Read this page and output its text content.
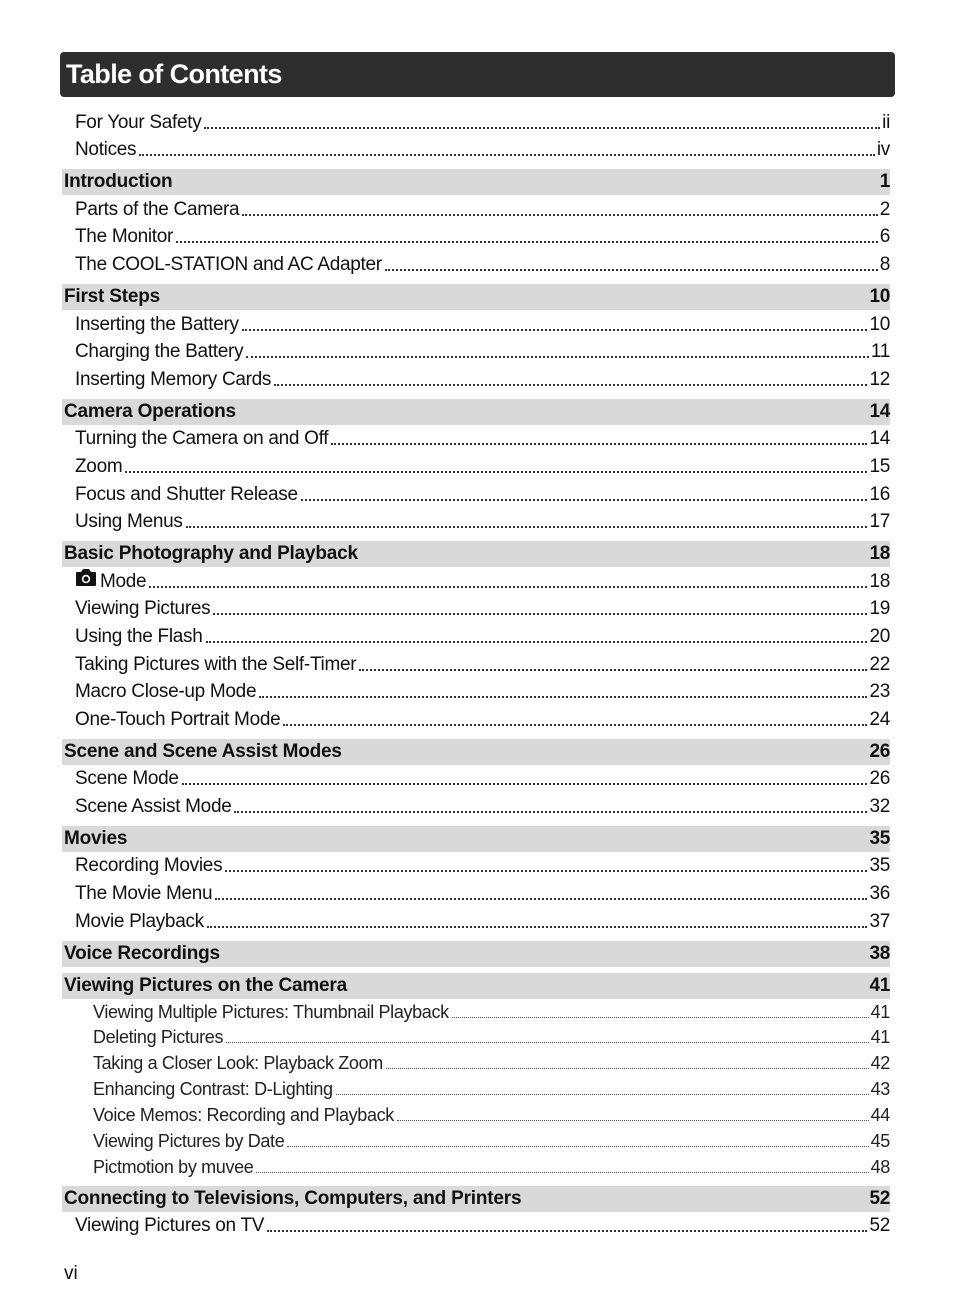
Table of Contents
For Your Safety	ii
Notices	iv
Introduction	1
Parts of the Camera	2
The Monitor	6
The COOL-STATION and AC Adapter	8
First Steps	10
Inserting the Battery	10
Charging the Battery	11
Inserting Memory Cards	12
Camera Operations	14
Turning the Camera on and Off	14
Zoom	15
Focus and Shutter Release	16
Using Menus	17
Basic Photography and Playback	18
Mode	18
Viewing Pictures	19
Using the Flash	20
Taking Pictures with the Self-Timer	22
Macro Close-up Mode	23
One-Touch Portrait Mode	24
Scene and Scene Assist Modes	26
Scene Mode	26
Scene Assist Mode	32
Movies	35
Recording Movies	35
The Movie Menu	36
Movie Playback	37
Voice Recordings	38
Viewing Pictures on the Camera	41
Viewing Multiple Pictures: Thumbnail Playback	41
Deleting Pictures	41
Taking a Closer Look: Playback Zoom	42
Enhancing Contrast: D-Lighting	43
Voice Memos: Recording and Playback	44
Viewing Pictures by Date	45
Pictmotion by muvee	48
Connecting to Televisions, Computers, and Printers	52
Viewing Pictures on TV	52
vi
